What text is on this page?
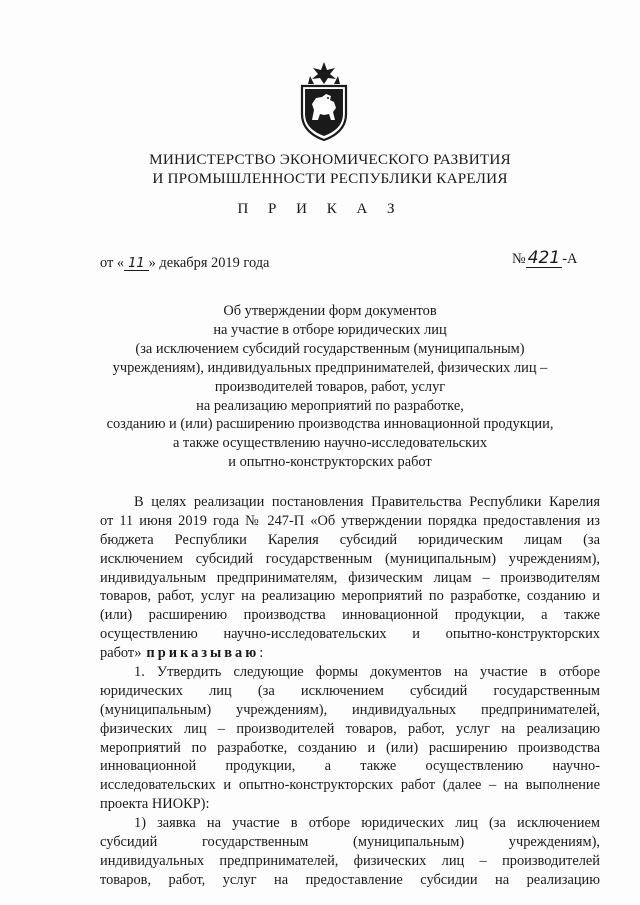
МИНИСТЕРСТВО ЭКОНОМИЧЕСКОГО РАЗВИТИЯ
И ПРОМЫШЛЕННОСТИ РЕСПУБЛИКИ КАРЕЛИЯ
П Р И К А З
от « 11 » декабря 2019 года	№ 421 -А
Об утверждении форм документов
на участие в отборе юридических лиц
(за исключением субсидий государственным (муниципальным)
учреждениям), индивидуальных предпринимателей, физических лиц –
производителей товаров, работ, услуг
на реализацию мероприятий по разработке,
созданию и (или) расширению производства инновационной продукции,
а также осуществлению научно-исследовательских
и опытно-конструкторских работ
В целях реализации постановления Правительства Республики Карелия
от 11 июня 2019 года № 247-П «Об утверждении порядка предоставления из
бюджета Республики Карелия субсидий юридическим лицам (за
исключением субсидий государственным (муниципальным) учреждениям),
индивидуальным предпринимателям, физическим лицам – производителям
товаров, работ, услуг на реализацию мероприятий по разработке, созданию и
(или) расширению производства инновационной продукции, а также
осуществлению научно-исследовательских и опытно-конструкторских
работ» приказываю :
1. Утвердить следующие формы документов на участие в отборе
юридических лиц (за исключением субсидий государственным
(муниципальным) учреждениям), индивидуальных предпринимателей,
физических лиц – производителей товаров, работ, услуг на реализацию
мероприятий по разработке, созданию и (или) расширению производства
инновационной продукции, а также осуществлению научно-
исследовательских и опытно-конструкторских работ (далее – на выполнение
проекта НИОКР):
1) заявка на участие в отборе юридических лиц (за исключением
субсидий государственным (муниципальным) учреждениям),
индивидуальных предпринимателей, физических лиц – производителей
товаров, работ, услуг на предоставление субсидии на реализацию
